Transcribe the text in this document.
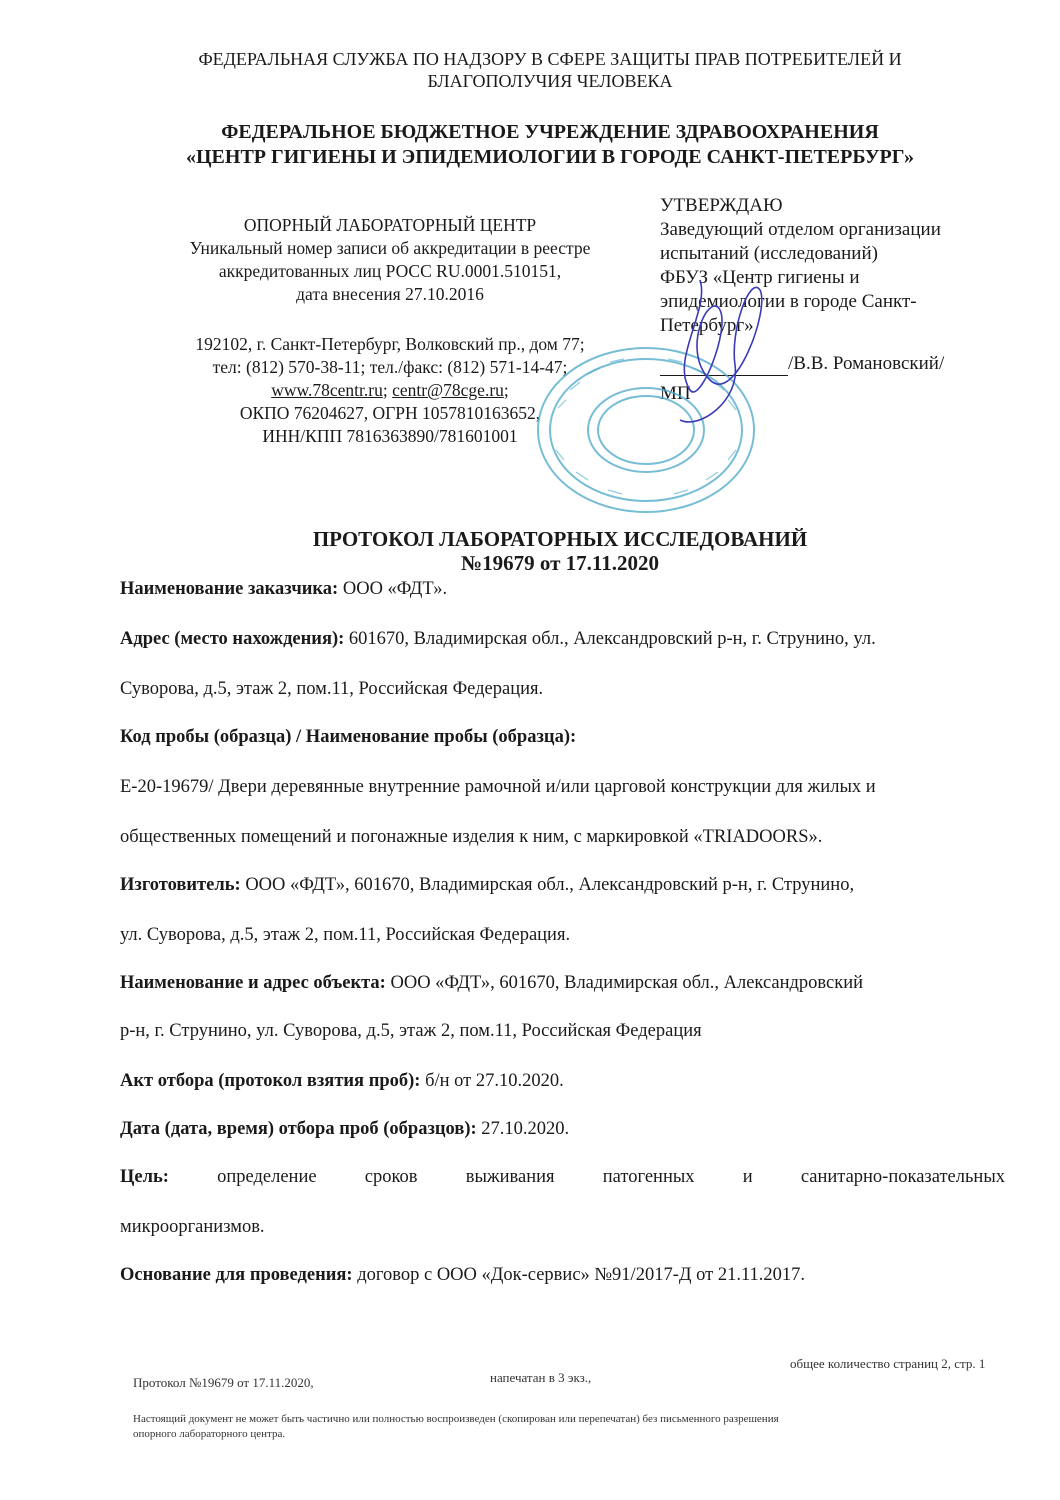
ФЕДЕРАЛЬНАЯ СЛУЖБА ПО НАДЗОРУ В СФЕРЕ ЗАЩИТЫ ПРАВ ПОТРЕБИТЕЛЕЙ И
БЛАГОПОЛУЧИЯ ЧЕЛОВЕКА
ФЕДЕРАЛЬНОЕ БЮДЖЕТНОЕ УЧРЕЖДЕНИЕ ЗДРАВООХРАНЕНИЯ
«ЦЕНТР ГИГИЕНЫ И ЭПИДЕМИОЛОГИИ В ГОРОДЕ САНКТ-ПЕТЕРБУРГ»
ОПОРНЫЙ ЛАБОРАТОРНЫЙ ЦЕНТР
Уникальный номер записи об аккредитации в реестре
аккредитованных лиц РОСС RU.0001.510151,
дата внесения 27.10.2016
192102, г. Санкт-Петербург, Волковский пр., дом 77;
тел: (812) 570-38-11; тел./факс: (812) 571-14-47;
www.78centr.ru; centr@78cge.ru;
ОКПО 76204627, ОГРН 1057810163652,
ИНН/КПП 7816363890/781601001
УТВЕРЖДАЮ
Заведующий отделом организации
испытаний (исследований)
ФБУЗ «Центр гигиены и
эпидемиологии в городе Санкт-
Петербург»
/В.В. Романовский/
МП
ПРОТОКОЛ ЛАБОРАТОРНЫХ ИССЛЕДОВАНИЙ
№19679 от 17.11.2020
Наименование заказчика: ООО «ФДТ».
Адрес (место нахождения): 601670, Владимирская обл., Александровский р-н, г. Струнино, ул.
Суворова, д.5, этаж 2, пом.11, Российская Федерация.
Код пробы (образца) / Наименование пробы (образца):
Е-20-19679/ Двери деревянные внутренние рамочной и/или царговой конструкции для жилых и
общественных помещений и погонажные изделия к ним, с маркировкой «TRIADOORS».
Изготовитель: ООО «ФДТ», 601670, Владимирская обл., Александровский р-н, г. Струнино,
ул. Суворова, д.5, этаж 2, пом.11, Российская Федерация.
Наименование и адрес объекта: ООО «ФДТ», 601670, Владимирская обл., Александровский
р-н, г. Струнино, ул. Суворова, д.5, этаж 2, пом.11, Российская Федерация
Акт отбора (протокол взятия проб): б/н от 27.10.2020.
Дата (дата, время) отбора проб (образцов): 27.10.2020.
Цель:	определение	сроков	выживания	патогенных	и	санитарно-показательных
микроорганизмов.
Основание для проведения: договор с ООО «Док-сервис» №91/2017-Д от 21.11.2017.
Протокол №19679 от 17.11.2020,	напечатан в 3 экз.,
общее количество страниц 2, стр. 1
Настоящий документ не может быть частично или полностью воспроизведен (скопирован или перепечатан) без письменного разрешения
опорного лабораторного центра.
